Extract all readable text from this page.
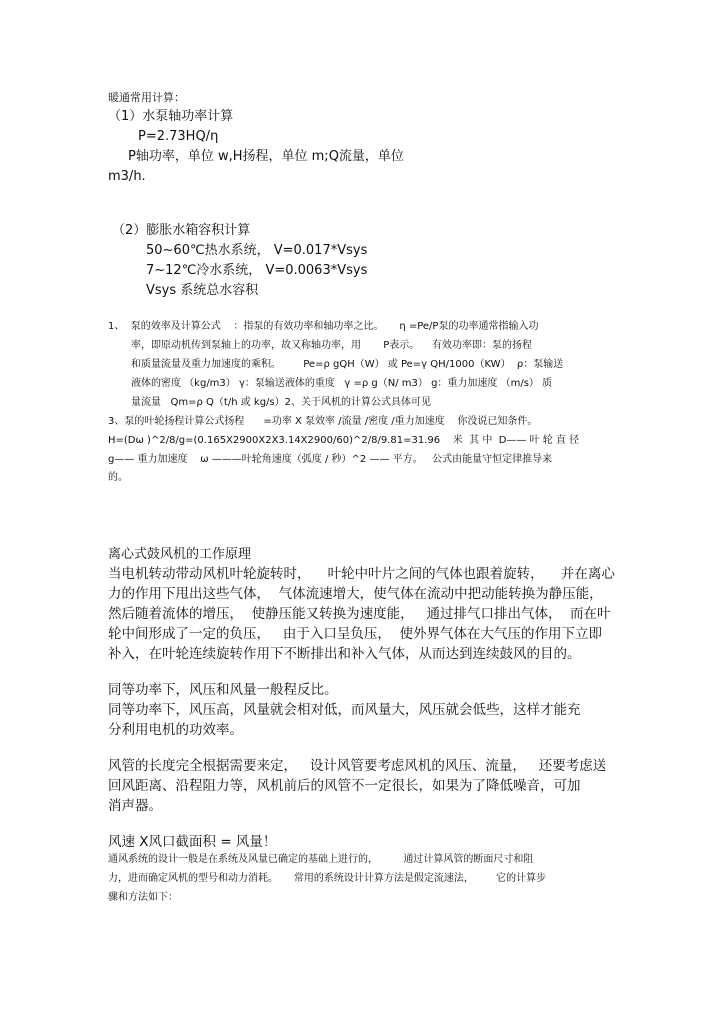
暖通常用计算：
（1）水泵轴功率计算
P=2.73HQ/η
P轴功率，单位 w,H扬程，单位 m;Q流量，单位
m3/h.
（2）膨胀水箱容积计算
50~60℃热水系统， V=0.017*Vsys
7~12℃冷水系统， V=0.0063*Vsys
Vsys 系统总水容积
1、  泵的效率及计算公式    ：指泵的有效功率和轴功率之比。     η =Pe/P泵的功率通常指输入功
率，即原动机传到泵轴上的功率，故又称轴功率，用       P表示。    有效功率即：泵的扬程
和质量流量及重力加速度的乘积。       Pe=ρ gQH（W） 或 Pe=γ QH/1000（KW）  ρ：泵输送
液体的密度 （kg/m3） γ：泵输送液体的重度   γ =ρ g（N/ m3） g：重力加速度 （m/s） 质
量流量   Qm=ρ Q（t/h 或 kg/s）2、关于风机的计算公式具体可见
3、泵的叶轮扬程计算公式扬程      =功率 X 泵效率 /流量 /密度 /重力加速度    你没说已知条件。
H=(Dω )^2/8/g=(0.165X2900X2X3.14X2900/60)^2/8/9.81=31.96    米  其 中  D—— 叶 轮 直 径
g—— 重力加速度    ω ———叶轮角速度（弧度 / 秒）^2 —— 平方。   公式由能量守恒定律推导来
的。
离心式鼓风机的工作原理
当电机转动带动风机叶轮旋转时，    叶轮中叶片之间的气体也跟着旋转，    并在离心
力的作用下甩出这些气体，  气体流速增大，使气体在流动中把动能转换为静压能，
然后随着流体的增压，  使静压能又转换为速度能，   通过排气口排出气体，  而在叶
轮中间形成了一定的负压，   由于入口呈负压，  使外界气体在大气压的作用下立即
补入，在叶轮连续旋转作用下不断排出和补入气体，从而达到连续鼓风的目的。
同等功率下，风压和风量一般程反比。
同等功率下，风压高，风量就会相对低，而风量大，风压就会低些，这样才能充
分利用电机的功效率。
风管的长度完全根据需要来定，   设计风管要考虑风机的风压、流量，   还要考虑送
回风距离、沿程阻力等，风机前后的风管不一定很长，如果为了降低噪音，可加
消声器。
风速 X风口截面积 = 风量！
通风系统的设计一般是在系统及风量已确定的基础上进行的，        通过计算风管的断面尺寸和阻
力，进而确定风机的型号和动力消耗。     常用的系统设计计算方法是假定流速法，       它的计算步
骤和方法如下：
